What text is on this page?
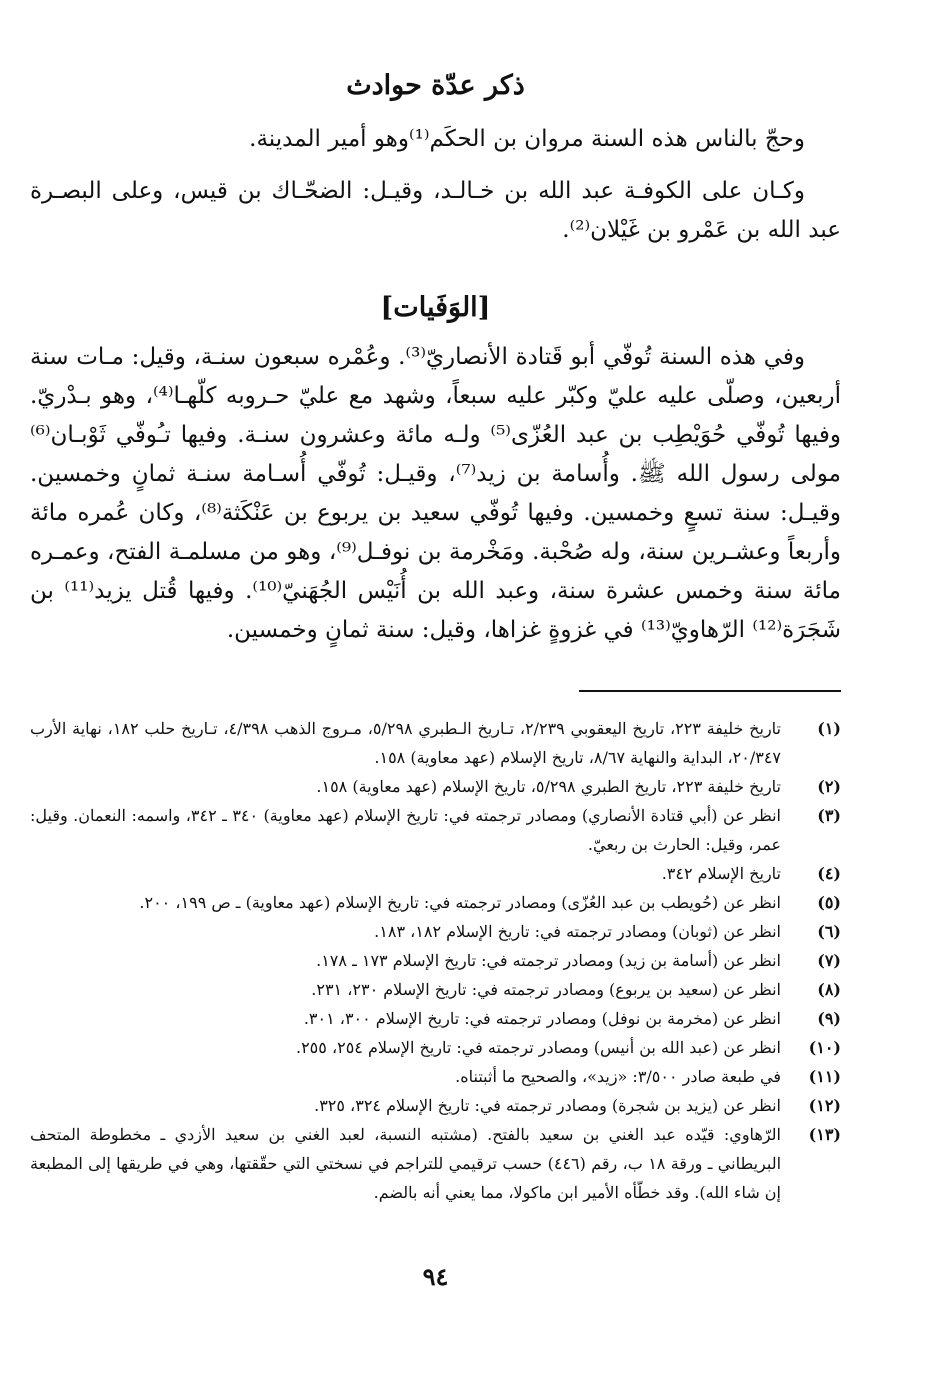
ذكر عدّة حوادث

وحجّ بالناس هذه السنة مروان بن الحكَم⁽¹⁾وهو أمير المدينة.

وكـان على الكوفـة عبد الله بن خـالـد، وقيـل: الضحّـاك بن قيس، وعلى البصـرة عبد الله بن عَمْرو بن غَيْلان⁽²⁾.

[الوَفَيات]

وفي هذه السنة تُوفّي أبو قَتادة الأنصاريّ⁽³⁾. وعُمْره سبعون سنـة، وقيل: مـات سنة أربعين، وصلّى عليه عليّ وكبّر عليه سبعاً، وشهد مع عليّ حـروبه كلّهـا⁽⁴⁾، وهو بـدْريّ. وفيها تُوفّي حُوَيْطِب بن عبد العُزّى⁽⁵⁾ ولـه مائة وعشرون سنـة. وفيها تـُوفّي ثَوْبـان⁽⁶⁾ مولى رسول الله ﷺ. وأُسامة بن زيد⁽⁷⁾، وقيـل: تُوفّي أُسـامة سنـة ثمانٍ وخمسين. وقيـل: سنة تسعٍ وخمسين. وفيها تُوفّي سعيد بن يربوع بن عَنْكَثة⁽⁸⁾، وكان عُمره مائة وأربعاً وعشـرين سنة، وله صُحْبة. ومَخْرمة بن نوفـل⁽⁹⁾، وهو من مسلمـة الفتح، وعمـره مائة سنة وخمس عشرة سنة، وعبد الله بن أُنَيْس الجُهَنيّ⁽¹⁰⁾. وفيها قُتل يزيد⁽¹¹⁾ بن شَجَرَة⁽¹²⁾ الرّهاويّ⁽¹³⁾ في غزوةٍ غزاها، وقيل: سنة ثمانٍ وخمسين.

(١)
تاريخ خليفة ٢٢٣، تاريخ اليعقوبي ٢/٢٣٩، تـاريخ الـطبري ٥/٢٩٨، مـروج الذهب ٤/٣٩٨، تـاريخ حلب ١٨٢، نهاية الأرب ٢٠/٣٤٧، البداية والنهاية ٨/٦٧، تاريخ الإسلام (عهد معاوية) ١٥٨.
(٢)
تاريخ خليفة ٢٢٣، تاريخ الطبري ٥/٢٩٨، تاريخ الإسلام (عهد معاوية) ١٥٨.
(٣)
انظر عن (أبي قتادة الأنصاري) ومصادر ترجمته في: تاريخ الإسلام (عهد معاوية) ٣٤٠ ـ ٣٤٢، واسمه: النعمان. وقيل: عمر، وقيل: الحارث بن ربعيّ.
(٤)
تاريخ الإسلام ٣٤٢.
(٥)
انظر عن (حُويطب بن عبد العُزّى) ومصادر ترجمته في: تاريخ الإسلام (عهد معاوية) ـ ص ١٩٩، ٢٠٠.
(٦)
انظر عن (ثوبان) ومصادر ترجمته في: تاريخ الإسلام ١٨٢، ١٨٣.
(٧)
انظر عن (أسامة بن زيد) ومصادر ترجمته في: تاريخ الإسلام ١٧٣ ـ ١٧٨.
(٨)
انظر عن (سعيد بن يربوع) ومصادر ترجمته في: تاريخ الإسلام ٢٣٠، ٢٣١.
(٩)
انظر عن (مخرمة بن نوفل) ومصادر ترجمته في: تاريخ الإسلام ٣٠٠، ٣٠١.
(١٠)
انظر عن (عبد الله بن أنيس) ومصادر ترجمته في: تاريخ الإسلام ٢٥٤، ٢٥٥.
(١١)
في طبعة صادر ٣/٥٠٠: «زيد»، والصحيح ما أثبتناه.
(١٢)
انظر عن (يزيد بن شجرة) ومصادر ترجمته في: تاريخ الإسلام ٣٢٤، ٣٢٥.
(١٣)
الرّهاوي: قيّده عبد الغني بن سعيد بالفتح. (مشتبه النسبة، لعبد الغني بن سعيد الأزدي ـ مخطوطة المتحف البريطاني ـ ورقة ١٨ ب، رقم (٤٤٦) حسب ترقيمي للتراجم في نسختي التي حقّقتها، وهي في طريقها إلى المطبعة إن شاء الله). وقد خطّأه الأمير ابن ماكولا، مما يعني أنه بالضم.
٩٤
